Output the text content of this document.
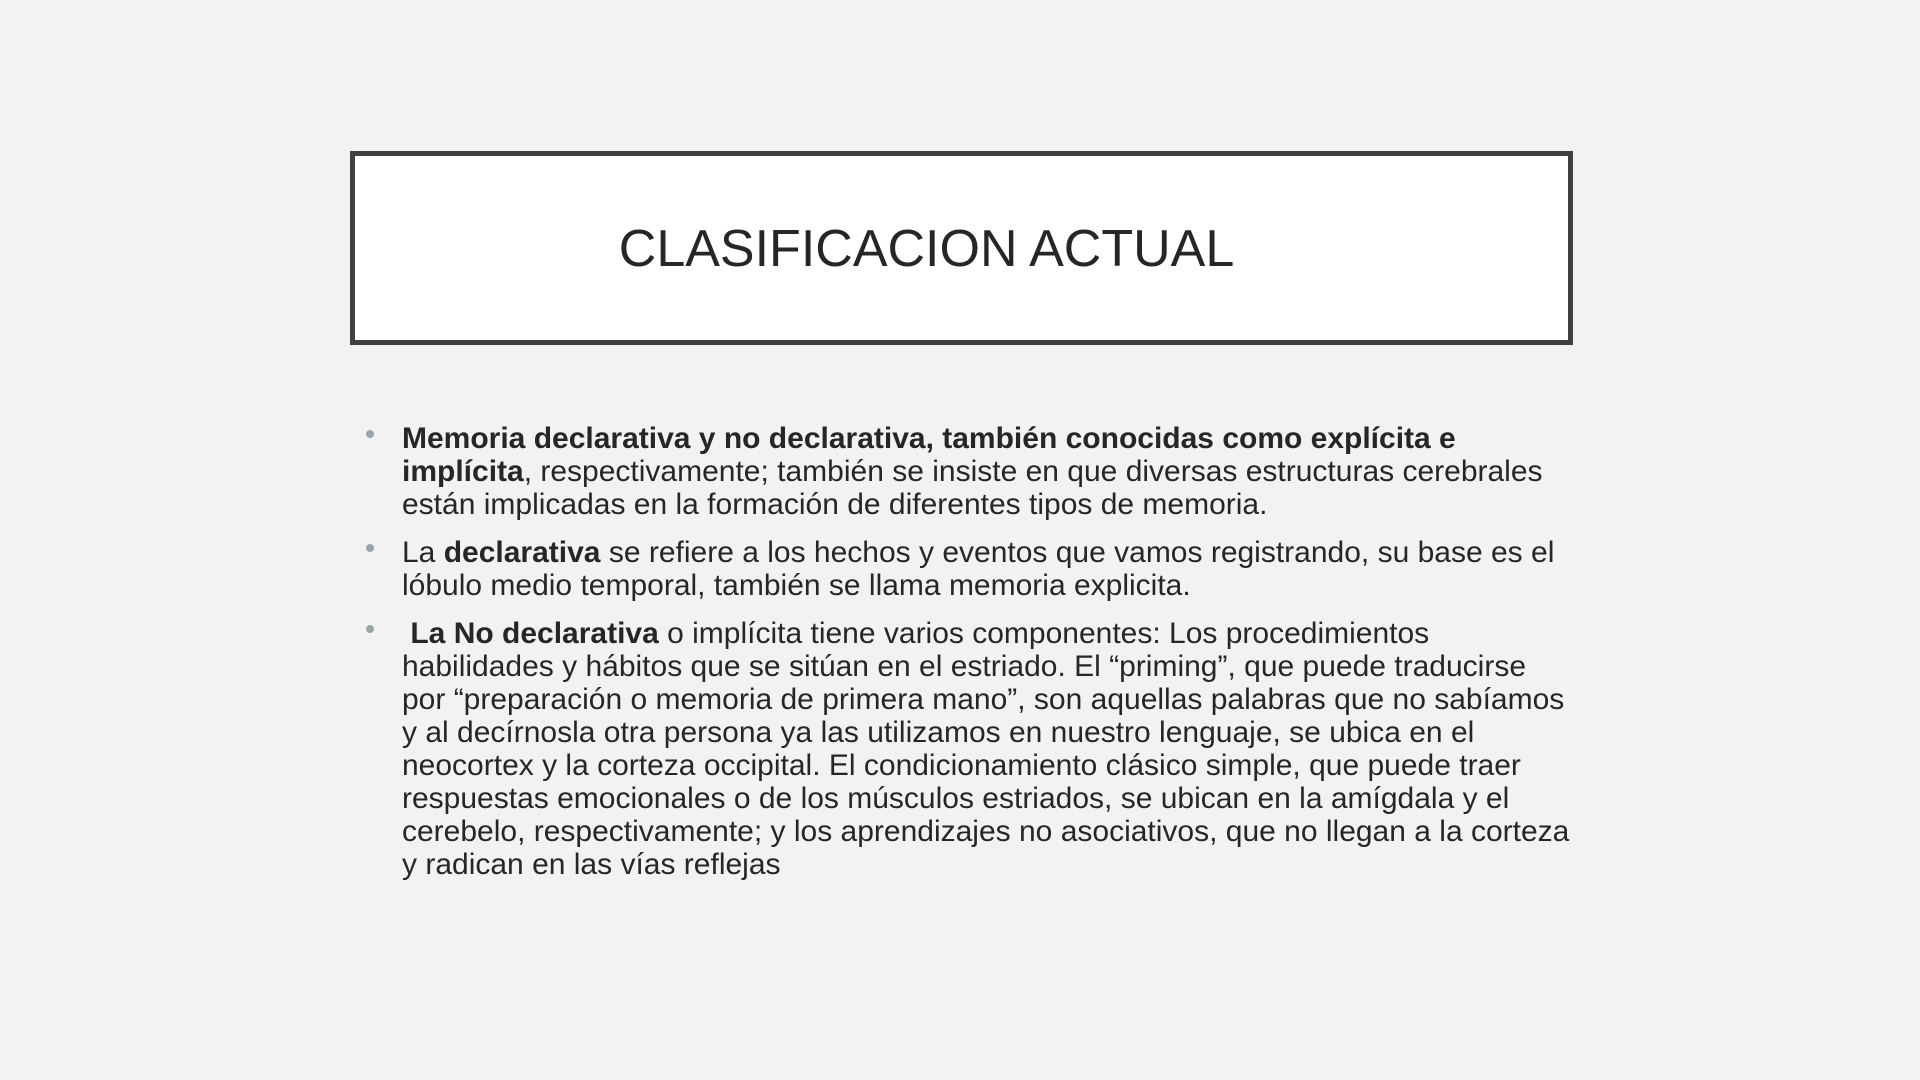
CLASIFICACION ACTUAL
Memoria declarativa y no declarativa, también conocidas como explícita e implícita, respectivamente; también se insiste en que diversas estructuras cerebrales están implicadas en la formación de diferentes tipos de memoria.
La declarativa se refiere a los hechos y eventos que vamos registrando, su base es el lóbulo medio temporal, también se llama memoria explicita.
La No declarativa o implícita tiene varios componentes: Los procedimientos habilidades y hábitos que se sitúan en el estriado. El “priming”, que puede traducirse por “preparación o memoria de primera mano”, son aquellas palabras que no sabíamos y al decírnosla otra persona ya las utilizamos en nuestro lenguaje, se ubica en el neocortex y la corteza occipital. El condicionamiento clásico simple, que puede traer respuestas emocionales o de los músculos estriados, se ubican en la amígdala y el cerebelo, respectivamente; y los aprendizajes no asociativos, que no llegan a la corteza y radican en las vías reflejas
